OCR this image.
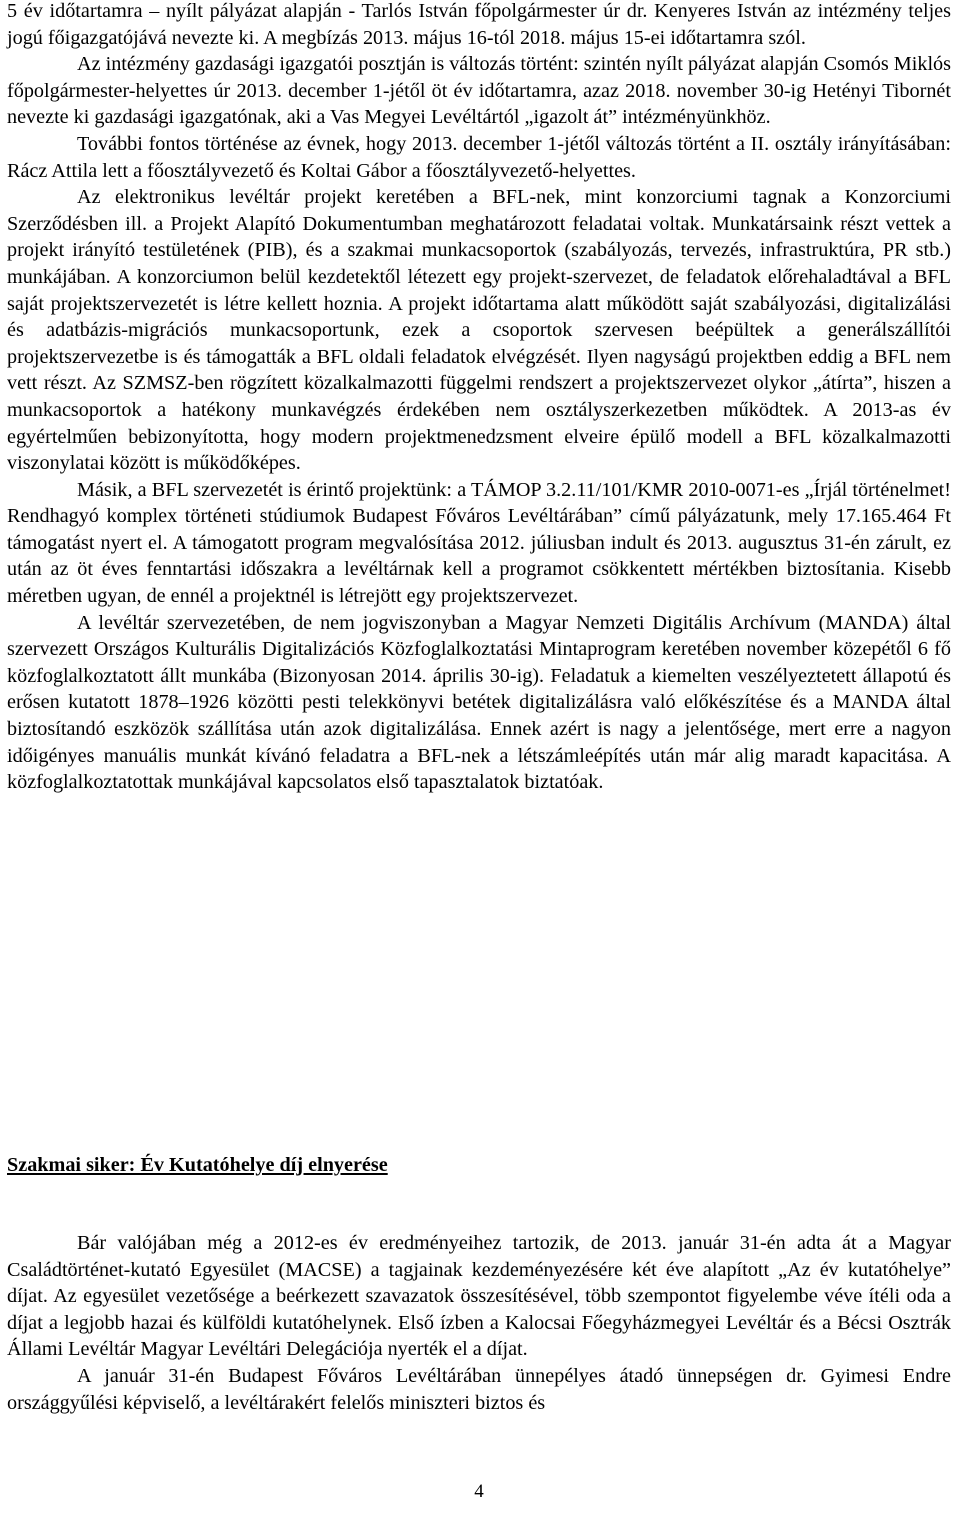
5 év időtartamra – nyílt pályázat alapján - Tarlós István főpolgármester úr dr. Kenyeres István az intézmény teljes jogú főigazgatójává nevezte ki. A megbízás 2013. május 16-tól 2018. május 15-ei időtartamra szól.

Az intézmény gazdasági igazgatói posztján is változás történt: szintén nyílt pályázat alapján Csomós Miklós főpolgármester-helyettes úr 2013. december 1-jétől öt év időtartamra, azaz 2018. november 30-ig Hetényi Tibornét nevezte ki gazdasági igazgatónak, aki a Vas Megyei Levéltártól „igazolt át” intézményünkhöz.

További fontos történése az évnek, hogy 2013. december 1-jétől változás történt a II. osztály irányításában: Rácz Attila lett a főosztályvezető és Koltai Gábor a főosztályvezető-helyettes.

Az elektronikus levéltár projekt keretében a BFL-nek, mint konzorciumi tagnak a Konzorciumi Szerződésben ill. a Projekt Alapító Dokumentumban meghatározott feladatai voltak. Munkatársaink részt vettek a projekt irányító testületének (PIB), és a szakmai munkacsoportok (szabályozás, tervezés, infrastruktúra, PR stb.) munkájában. A konzorciumon belül kezdetektől létezett egy projekt-szervezet, de feladatok előrehaladtával a BFL saját projektszervezetét is létre kellett hoznia. A projekt időtartama alatt működött saját szabályozási, digitalizálási és adatbázis-migrációs munkacsoportunk, ezek a csoportok szervesen beépültek a generálszállítói projektszervezetbe is és támogatták a BFL oldali feladatok elvégzését. Ilyen nagyságú projektben eddig a BFL nem vett részt. Az SZMSZ-ben rögzített közalkalmazotti függelmi rendszert a projektszervezet olykor „átírta”, hiszen a munkacsoportok a hatékony munkavégzés érdekében nem osztályszerkezetben működtek. A 2013-as év egyértelműen bebizonyította, hogy modern projektmenedzsment elveire épülő modell a BFL közalkalmazotti viszonylatai között is működőképes.

Másik, a BFL szervezetét is érintő projektünk: a TÁMOP 3.2.11/101/KMR 2010-0071-es „Írjál történelmet! Rendhagyó komplex történeti stúdiumok Budapest Főváros Levéltárában” című pályázatunk, mely 17.165.464 Ft támogatást nyert el. A támogatott program megvalósítása 2012. júliusban indult és 2013. augusztus 31-én zárult, ez után az öt éves fenntartási időszakra a levéltárnak kell a programot csökkentett mértékben biztosítania. Kisebb méretben ugyan, de ennél a projektnél is létrejött egy projektszervezet.

A levéltár szervezetében, de nem jogviszonyban a Magyar Nemzeti Digitális Archívum (MANDA) által szervezett Országos Kulturális Digitalizációs Közfoglalkoztatási Mintaprogram keretében november közepétől 6 fő közfoglalkoztatott állt munkába (Bizonyosan 2014. április 30-ig). Feladatuk a kiemelten veszélyeztetett állapotú és erősen kutatott 1878–1926 közötti pesti telekkönyvi betétek digitalizálásra való előkészítése és a MANDA által biztosítandó eszközök szállítása után azok digitalizálása. Ennek azért is nagy a jelentősége, mert erre a nagyon időigényes manuális munkát kívánó feladatra a BFL-nek a létszámleépítés után már alig maradt kapacitása. A közfoglalkoztatottak munkájával kapcsolatos első tapasztalatok biztatóak.

Szakmai siker: Év Kutatóhelye díj elnyerése

Bár valójában még a 2012-es év eredményeihez tartozik, de 2013. január 31-én adta át a Magyar Családtörténet-kutató Egyesület (MACSE) a tagjainak kezdeményezésére két éve alapított „Az év kutatóhelye” díjat. Az egyesület vezetősége a beérkezett szavazatok összesítésével, több szempontot figyelembe véve ítéli oda a díjat a legjobb hazai és külföldi kutatóhelynek. Első ízben a Kalocsai Főegyházmegyei Levéltár és a Bécsi Osztrák Állami Levéltár Magyar Levéltári Delegációja nyerték el a díjat.

A január 31-én Budapest Főváros Levéltárában ünnepélyes átadó ünnepségen dr. Gyimesi Endre országgyűlési képviselő, a levéltárakért felelős miniszteri biztos és

4
